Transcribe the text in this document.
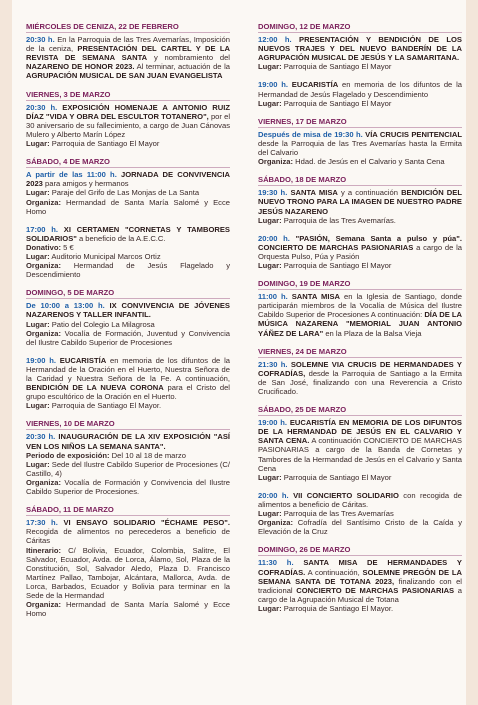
MIÉRCOLES DE CENIZA, 22 DE FEBRERO
20:30 h. En la Parroquia de las Tres Avemarías, Imposición de la ceniza, PRESENTACIÓN DEL CARTEL Y DE LA REVISTA DE SEMANA SANTA y nombramiento del NAZARENO DE HONOR 2023. Al terminar, actuación de la AGRUPACIÓN MUSICAL DE SAN JUAN EVANGELISTA
VIERNES, 3 DE MARZO
20:30 h. EXPOSICIÓN HOMENAJE A ANTONIO RUIZ DÍAZ "VIDA Y OBRA DEL ESCULTOR TOTANERO", por el 30 aniversario de su fallecimiento, a cargo de Juan Cánovas Mulero y Alberto Marín López
Lugar: Parroquia de Santiago El Mayor
SÁBADO, 4 DE MARZO
A partir de las 11:00 h. JORNADA DE CONVIVENCIA 2023 para amigos y hermanos
Lugar: Paraje del Grifo de Las Monjas de La Santa
Organiza: Hermandad de Santa María Salomé y Ecce Homo
17:00 h. XI CERTAMEN "CORNETAS Y TAMBORES SOLIDARIOS" a beneficio de la A.E.C.C.
Donativo: 5 €
Lugar: Auditorio Municipal Marcos Ortiz
Organiza: Hermandad de Jesús Flagelado y Descendimiento
DOMINGO, 5 DE MARZO
De 10:00 a 13:00 h. IX CONVIVENCIA DE JÓVENES NAZARENOS Y TALLER INFANTIL.
Lugar: Patio del Colegio La Milagrosa
Organiza: Vocalía de Formación, Juventud y Convivencia del Ilustre Cabildo Superior de Procesiones
19:00 h. EUCARISTÍA en memoria de los difuntos de la Hermandad de la Oración en el Huerto, Nuestra Señora de la Caridad y Nuestra Señora de la Fe. A continuación, BENDICIÓN DE LA NUEVA CORONA para el Cristo del grupo escultórico de la Oración en el Huerto.
Lugar: Parroquia de Santiago El Mayor.
VIERNES, 10 DE MARZO
20:30 h. INAUGURACIÓN DE LA XIV EXPOSICIÓN "ASÍ VEN LOS NIÑOS LA SEMANA SANTA".
Periodo de exposición: Del 10 al 18 de marzo
Lugar: Sede del Ilustre Cabildo Superior de Procesiones (C/ Castillo, 4)
Organiza: Vocalía de Formación y Convivencia del Ilustre Cabildo Superior de Procesiones.
SÁBADO, 11 DE MARZO
17:30 h. VI ENSAYO SOLIDARIO "ÉCHAME PESO". Recogida de alimentos no perecederos a beneficio de Cáritas
Itinerario: C/ Bolivia, Ecuador, Colombia, Salitre, El Salvador, Ecuador, Avda. de Lorca, Álamo, Sol, Plaza de la Constitución, Sol, Salvador Aledo, Plaza D. Francisco Martínez Pallao, Tambojar, Alcántara, Mallorca, Avda. de Lorca, Barbados, Ecuador y Bolivia para terminar en la Sede de la Hermandad
Organiza: Hermandad de Santa María Salomé y Ecce Homo
DOMINGO, 12 DE MARZO
12:00 h. PRESENTACIÓN Y BENDICIÓN DE LOS NUEVOS TRAJES Y DEL NUEVO BANDERÍN DE LA AGRUPACIÓN MUSICAL DE JESÚS Y LA SAMARITANA.
Lugar: Parroquia de Santiago El Mayor
19:00 h. EUCARISTÍA en memoria de los difuntos de la Hermandad de Jesús Flagelado y Descendimiento
Lugar: Parroquia de Santiago El Mayor
VIERNES, 17 DE MARZO
Después de misa de 19:30 h. VÍA CRUCIS PENITENCIAL desde la Parroquia de las Tres Avemarías hasta la Ermita del Calvario
Organiza: Hdad. de Jesús en el Calvario y Santa Cena
SÁBADO, 18 DE MARZO
19:30 h. SANTA MISA y a continuación BENDICIÓN DEL NUEVO TRONO PARA LA IMAGEN DE NUESTRO PADRE JESÚS NAZARENO
Lugar: Parroquia de las Tres Avemarías.
20:00 h. "PASIÓN, Semana Santa a pulso y púa". CONCIERTO DE MARCHAS PASIONARIAS a cargo de la Orquesta Pulso, Púa y Pasión
Lugar: Parroquia de Santiago El Mayor
DOMINGO, 19 DE MARZO
11:00 h. SANTA MISA en la Iglesia de Santiago, donde participarán miembros de la Vocalía de Música del Ilustre Cabildo Superior de Procesiones A continuación: DÍA DE LA MÚSICA NAZARENA "MEMORIAL JUAN ANTONIO YÁÑEZ DE LARA" en la Plaza de la Balsa Vieja
VIERNES, 24 DE MARZO
21:30 h. SOLEMNE VIA CRUCIS DE HERMANDADES Y COFRADÍAS, desde la Parroquia de Santiago a la Ermita de San José, finalizando con una Reverencia a Cristo Crucificado.
SÁBADO, 25 DE MARZO
19:00 h. EUCARISTÍA EN MEMORIA DE LOS DIFUNTOS DE LA HERMANDAD DE JESÚS EN EL CALVARIO Y SANTA CENA. A continuación CONCIERTO DE MARCHAS PASIONARIAS a cargo de la Banda de Cornetas y Tambores de la Hermandad de Jesús en el Calvario y Santa Cena
Lugar: Parroquia de Santiago El Mayor
20:00 h. VII CONCIERTO SOLIDARIO con recogida de alimentos a beneficio de Cáritas.
Lugar: Parroquia de las Tres Avemarías
Organiza: Cofradía del Santísimo Cristo de la Caída y Elevación de la Cruz
DOMINGO, 26 DE MARZO
11:30 h. SANTA MISA DE HERMANDADES Y COFRADÍAS. A continuación, SOLEMNE PREGÓN DE LA SEMANA SANTA DE TOTANA 2023, finalizando con el tradicional CONCIERTO DE MARCHAS PASIONARIAS a cargo de la Agrupación Musical de Totana
Lugar: Parroquia de Santiago El Mayor.
